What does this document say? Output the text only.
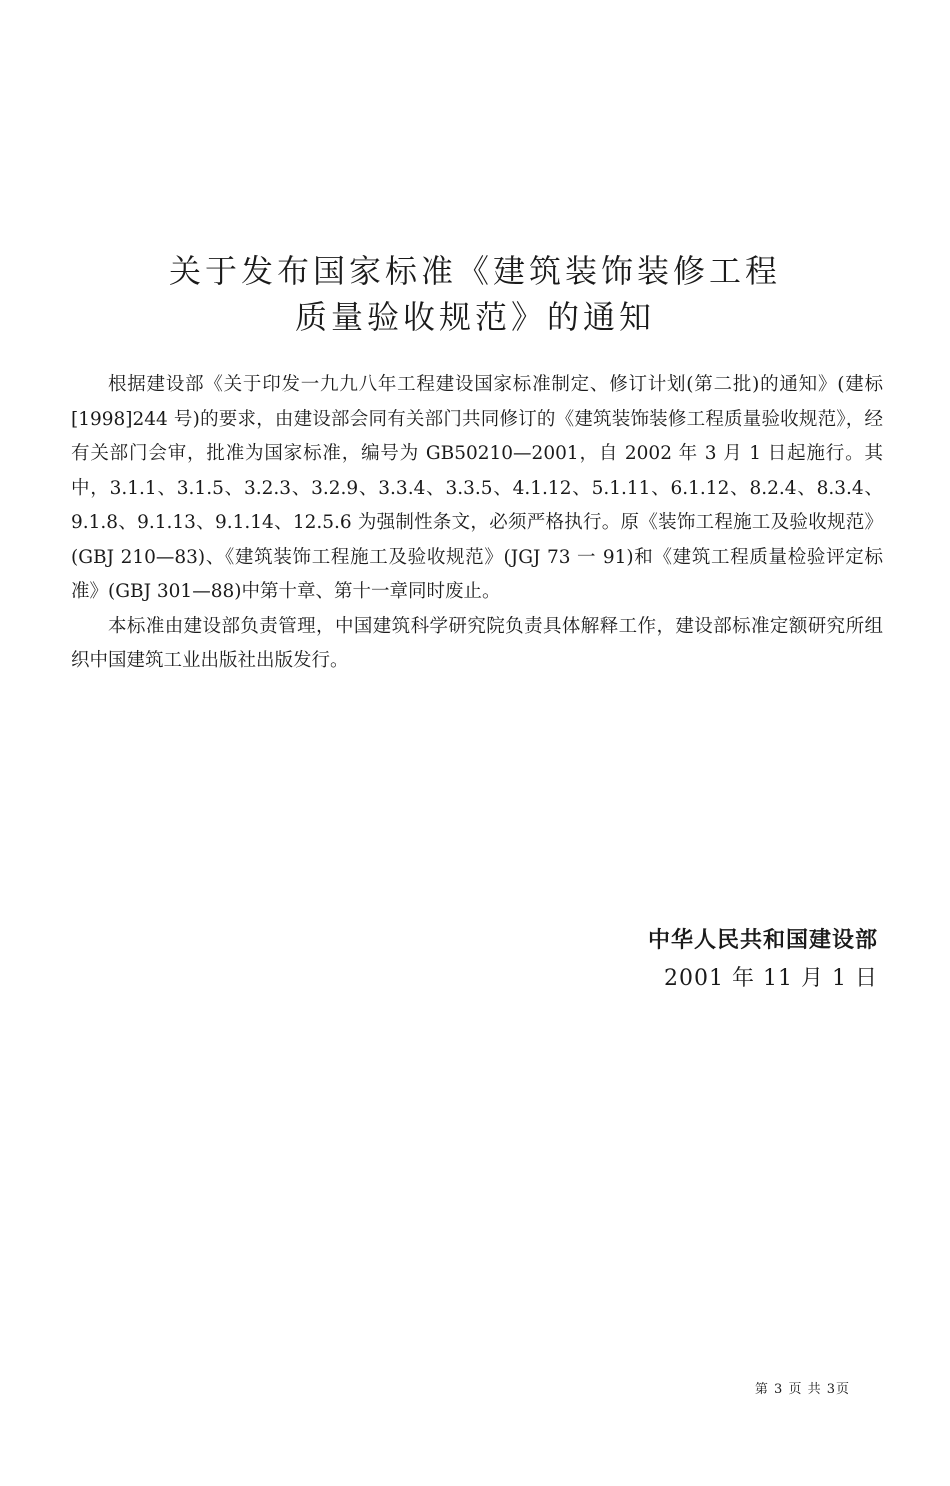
关于发布国家标准《建筑装饰装修工程
质量验收规范》的通知

根据建设部《关于印发一九九八年工程建设国家标准制定、修订计划(第二批)的通知》(建标[1998]244 号)的要求，由建设部会同有关部门共同修订的《建筑装饰装修工程质量验收规范》，经有关部门会审，批准为国家标准，编号为 GB50210—2001，自 2002 年 3 月 1 日起施行。其中，3.1.1、3.1.5、3.2.3、3.2.9、3.3.4、3.3.5、4.1.12、5.1.11、6.1.12、8.2.4、8.3.4、9.1.8、9.1.13、9.1.14、12.5.6 为强制性条文，必须严格执行。原《装饰工程施工及验收规范》(GBJ 210—83)、《建筑装饰工程施工及验收规范》(JGJ 73 一 91)和《建筑工程质量检验评定标准》(GBJ 301—88)中第十章、第十一章同时废止。

本标准由建设部负责管理，中国建筑科学研究院负责具体解释工作，建设部标准定额研究所组织中国建筑工业出版社出版发行。

中华人民共和国建设部
2001 年 11 月 1 日
第 3 页 共 3页
